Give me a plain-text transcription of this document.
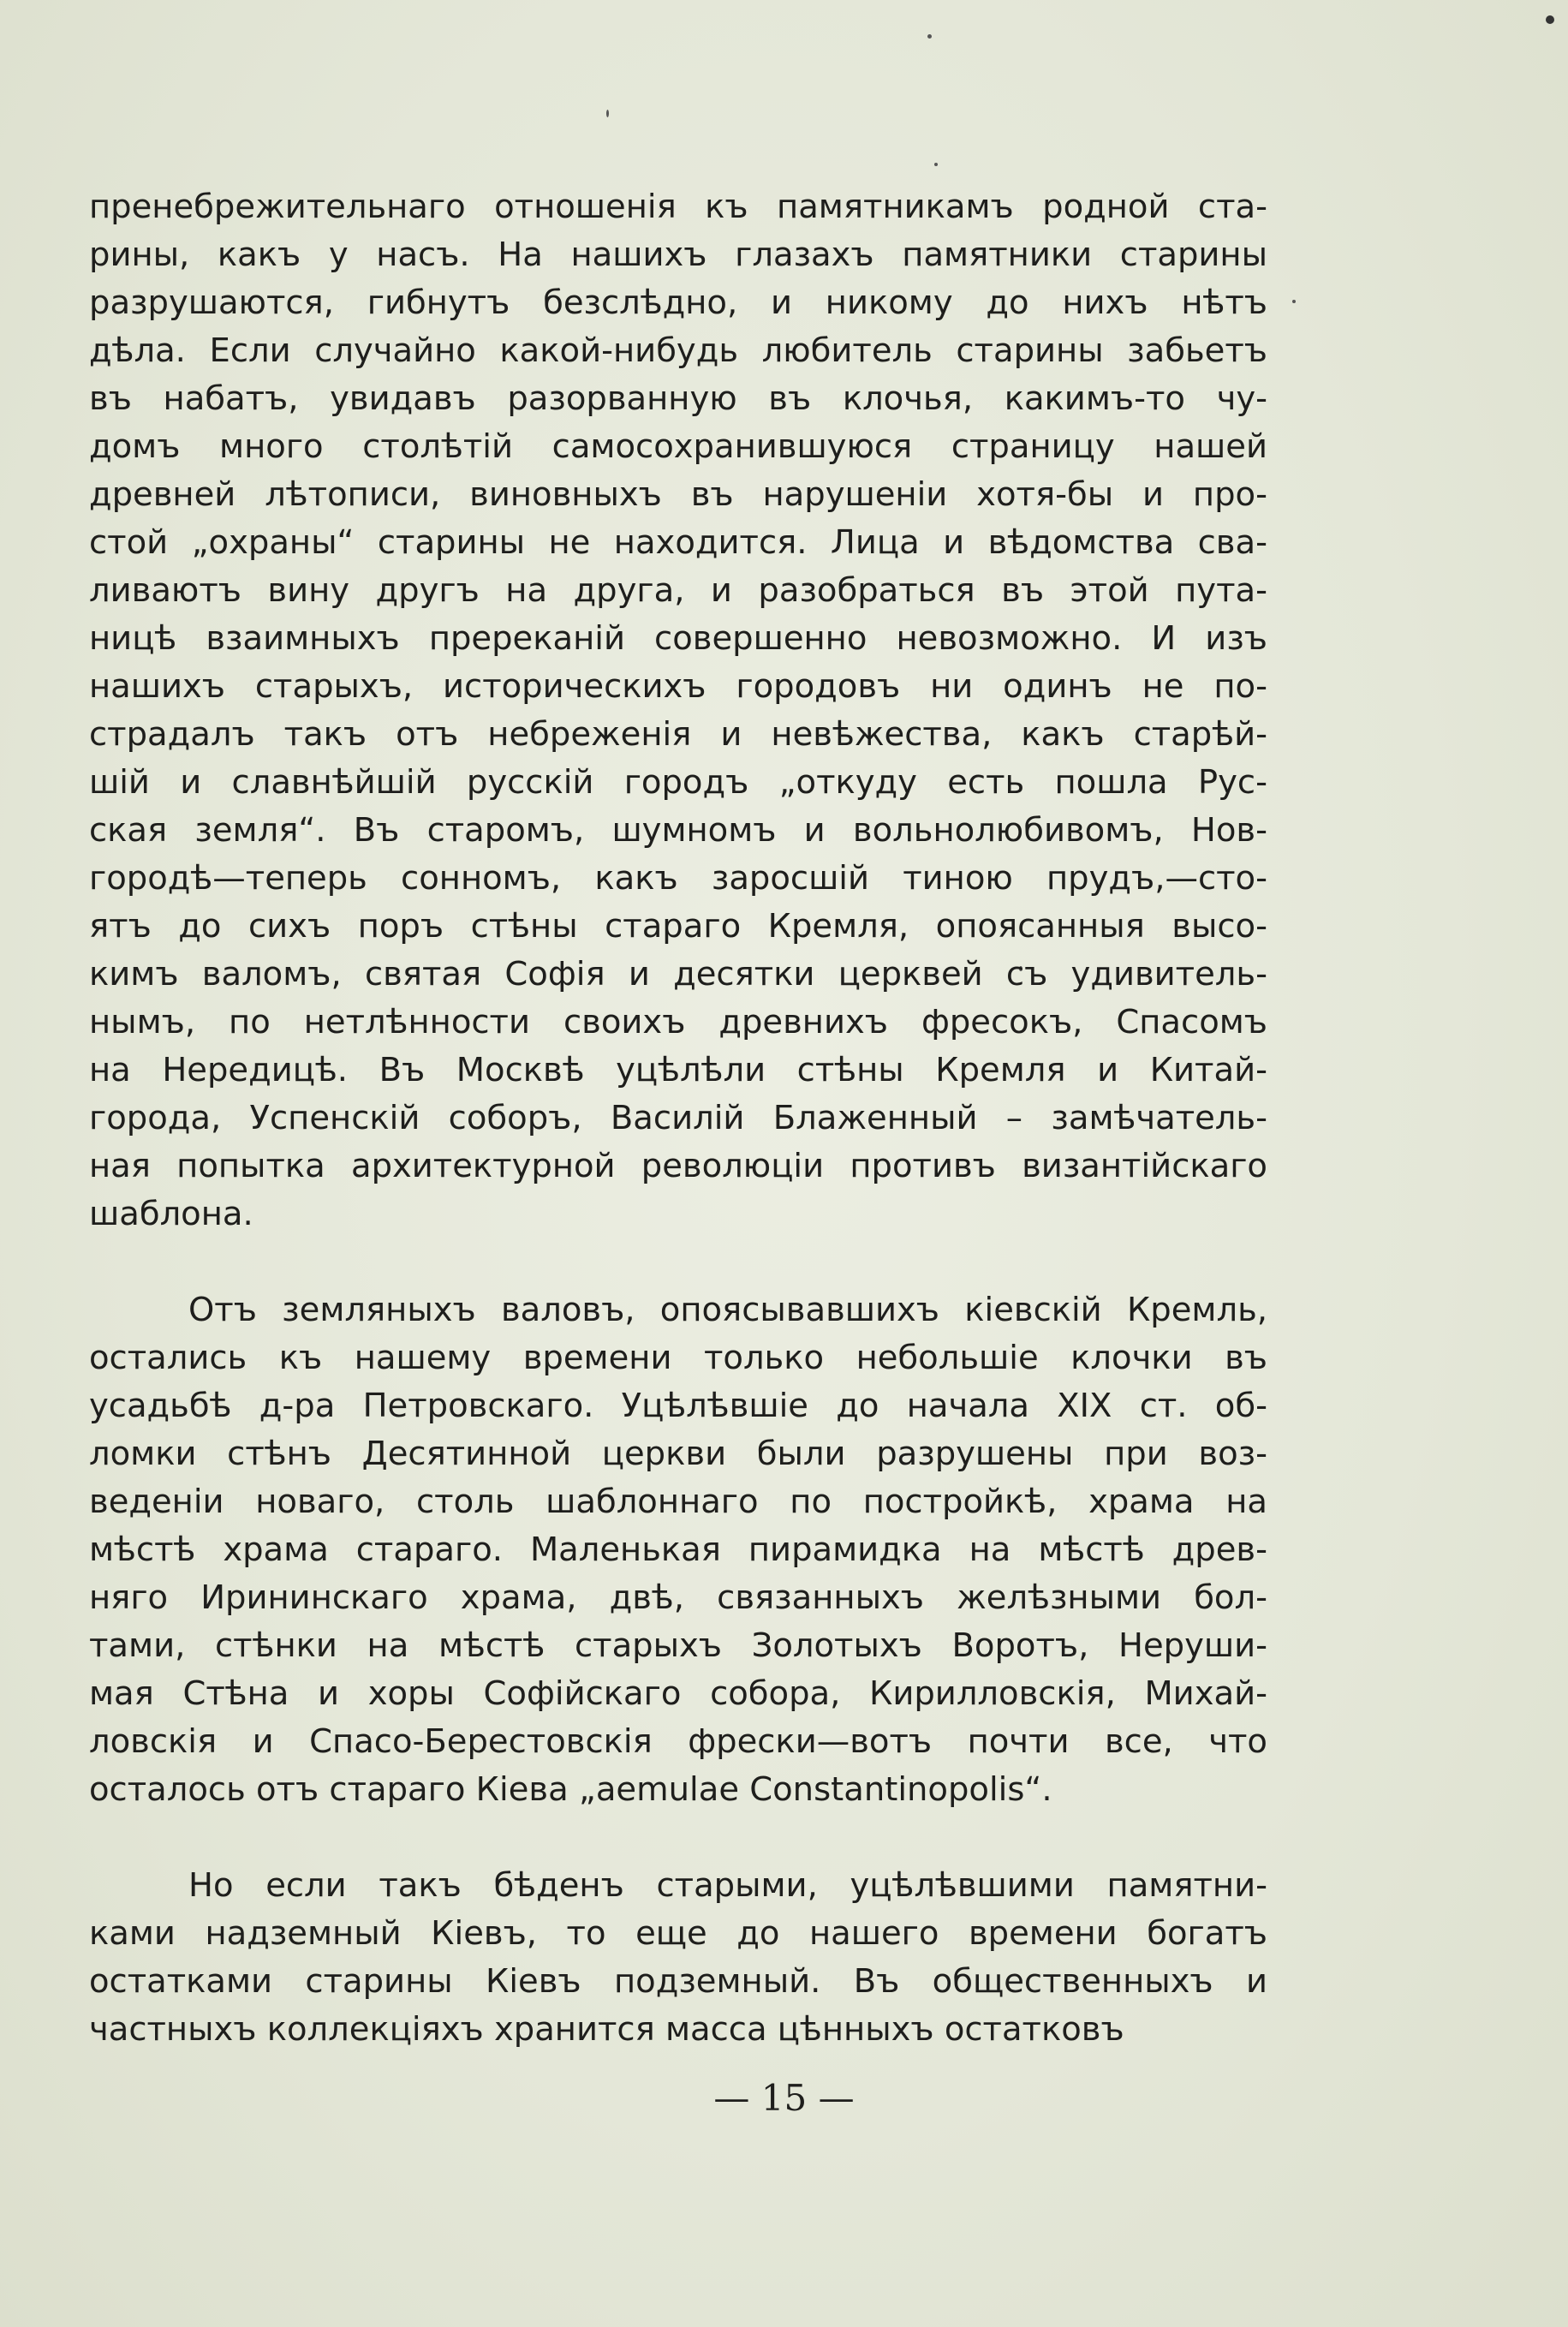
пренебрежительнаго отношенія къ памятникамъ родной ста-
рины, какъ у насъ. На нашихъ глазахъ памятники старины
разрушаются, гибнутъ безслѣдно, и никому до нихъ нѣтъ
дѣла. Если случайно какой-нибудь любитель старины забьетъ
въ набатъ, увидавъ разорванную въ клочья, какимъ-то чу-
домъ много столѣтій самосохранившуюся страницу нашей
древней лѣтописи, виновныхъ въ нарушеніи хотя-бы и про-
стой „охраны“ старины не находится. Лица и вѣдомства сва-
ливаютъ вину другъ на друга, и разобраться въ этой путa-
ницѣ взаимныхъ пререканій совершенно невозможно. И изъ
нашихъ старыхъ, историческихъ городовъ ни одинъ не по-
страдалъ такъ отъ небреженія и невѣжества, какъ старѣй-
шій и славнѣйшій русскій городъ „откуду есть пошла Рус-
ская земля“. Въ старомъ, шумномъ и вольнолюбивомъ, Нов-
городѣ—теперь сонномъ, какъ заросшій тиною прудъ,—сто-
ятъ до сихъ поръ стѣны стараго Кремля, опоясанныя высо-
кимъ валомъ, святая Софія и десятки церквей съ удивитель-
нымъ, по нетлѣнности своихъ древнихъ фресокъ, Спасомъ
на Нередицѣ. Въ Москвѣ уцѣлѣли стѣны Кремля и Китай-
города, Успенскій соборъ, Василій Блаженный – замѣчатель-
ная попытка архитектурной революціи противъ византійскаго
шаблона.
Отъ земляныхъ валовъ, опоясывавшихъ кіевскій Кремль,
остались къ нашему времени только небольшіе клочки въ
усадьбѣ д-ра Петровскаго. Уцѣлѣвшіе до начала XIX ст. об-
ломки стѣнъ Десятинной церкви были разрушены при воз-
веденіи новаго, столь шаблоннаго по постройкѣ, храма на
мѣстѣ храма стараго. Маленькая пирамидка на мѣстѣ древ-
няго Ирининскаго храма, двѣ, связанныхъ желѣзными бол-
тами, стѣнки на мѣстѣ старыхъ Золотыхъ Воротъ, Неруши-
мая Стѣна и хоры Софійскаго собора, Кирилловскія, Михай-
ловскія и Спасо-Берестовскія фрески—вотъ почти все, что
осталось отъ стараго Кіева „aemulae Constantinopolis“.
Но если такъ бѣденъ старыми, уцѣлѣвшими памятни-
ками надземный Кіевъ, то еще до нашего времени богатъ
остатками старины Кіевъ подземный. Въ общественныхъ и
частныхъ коллекціяхъ хранится масса цѣнныхъ остатковъ
— 15 —
